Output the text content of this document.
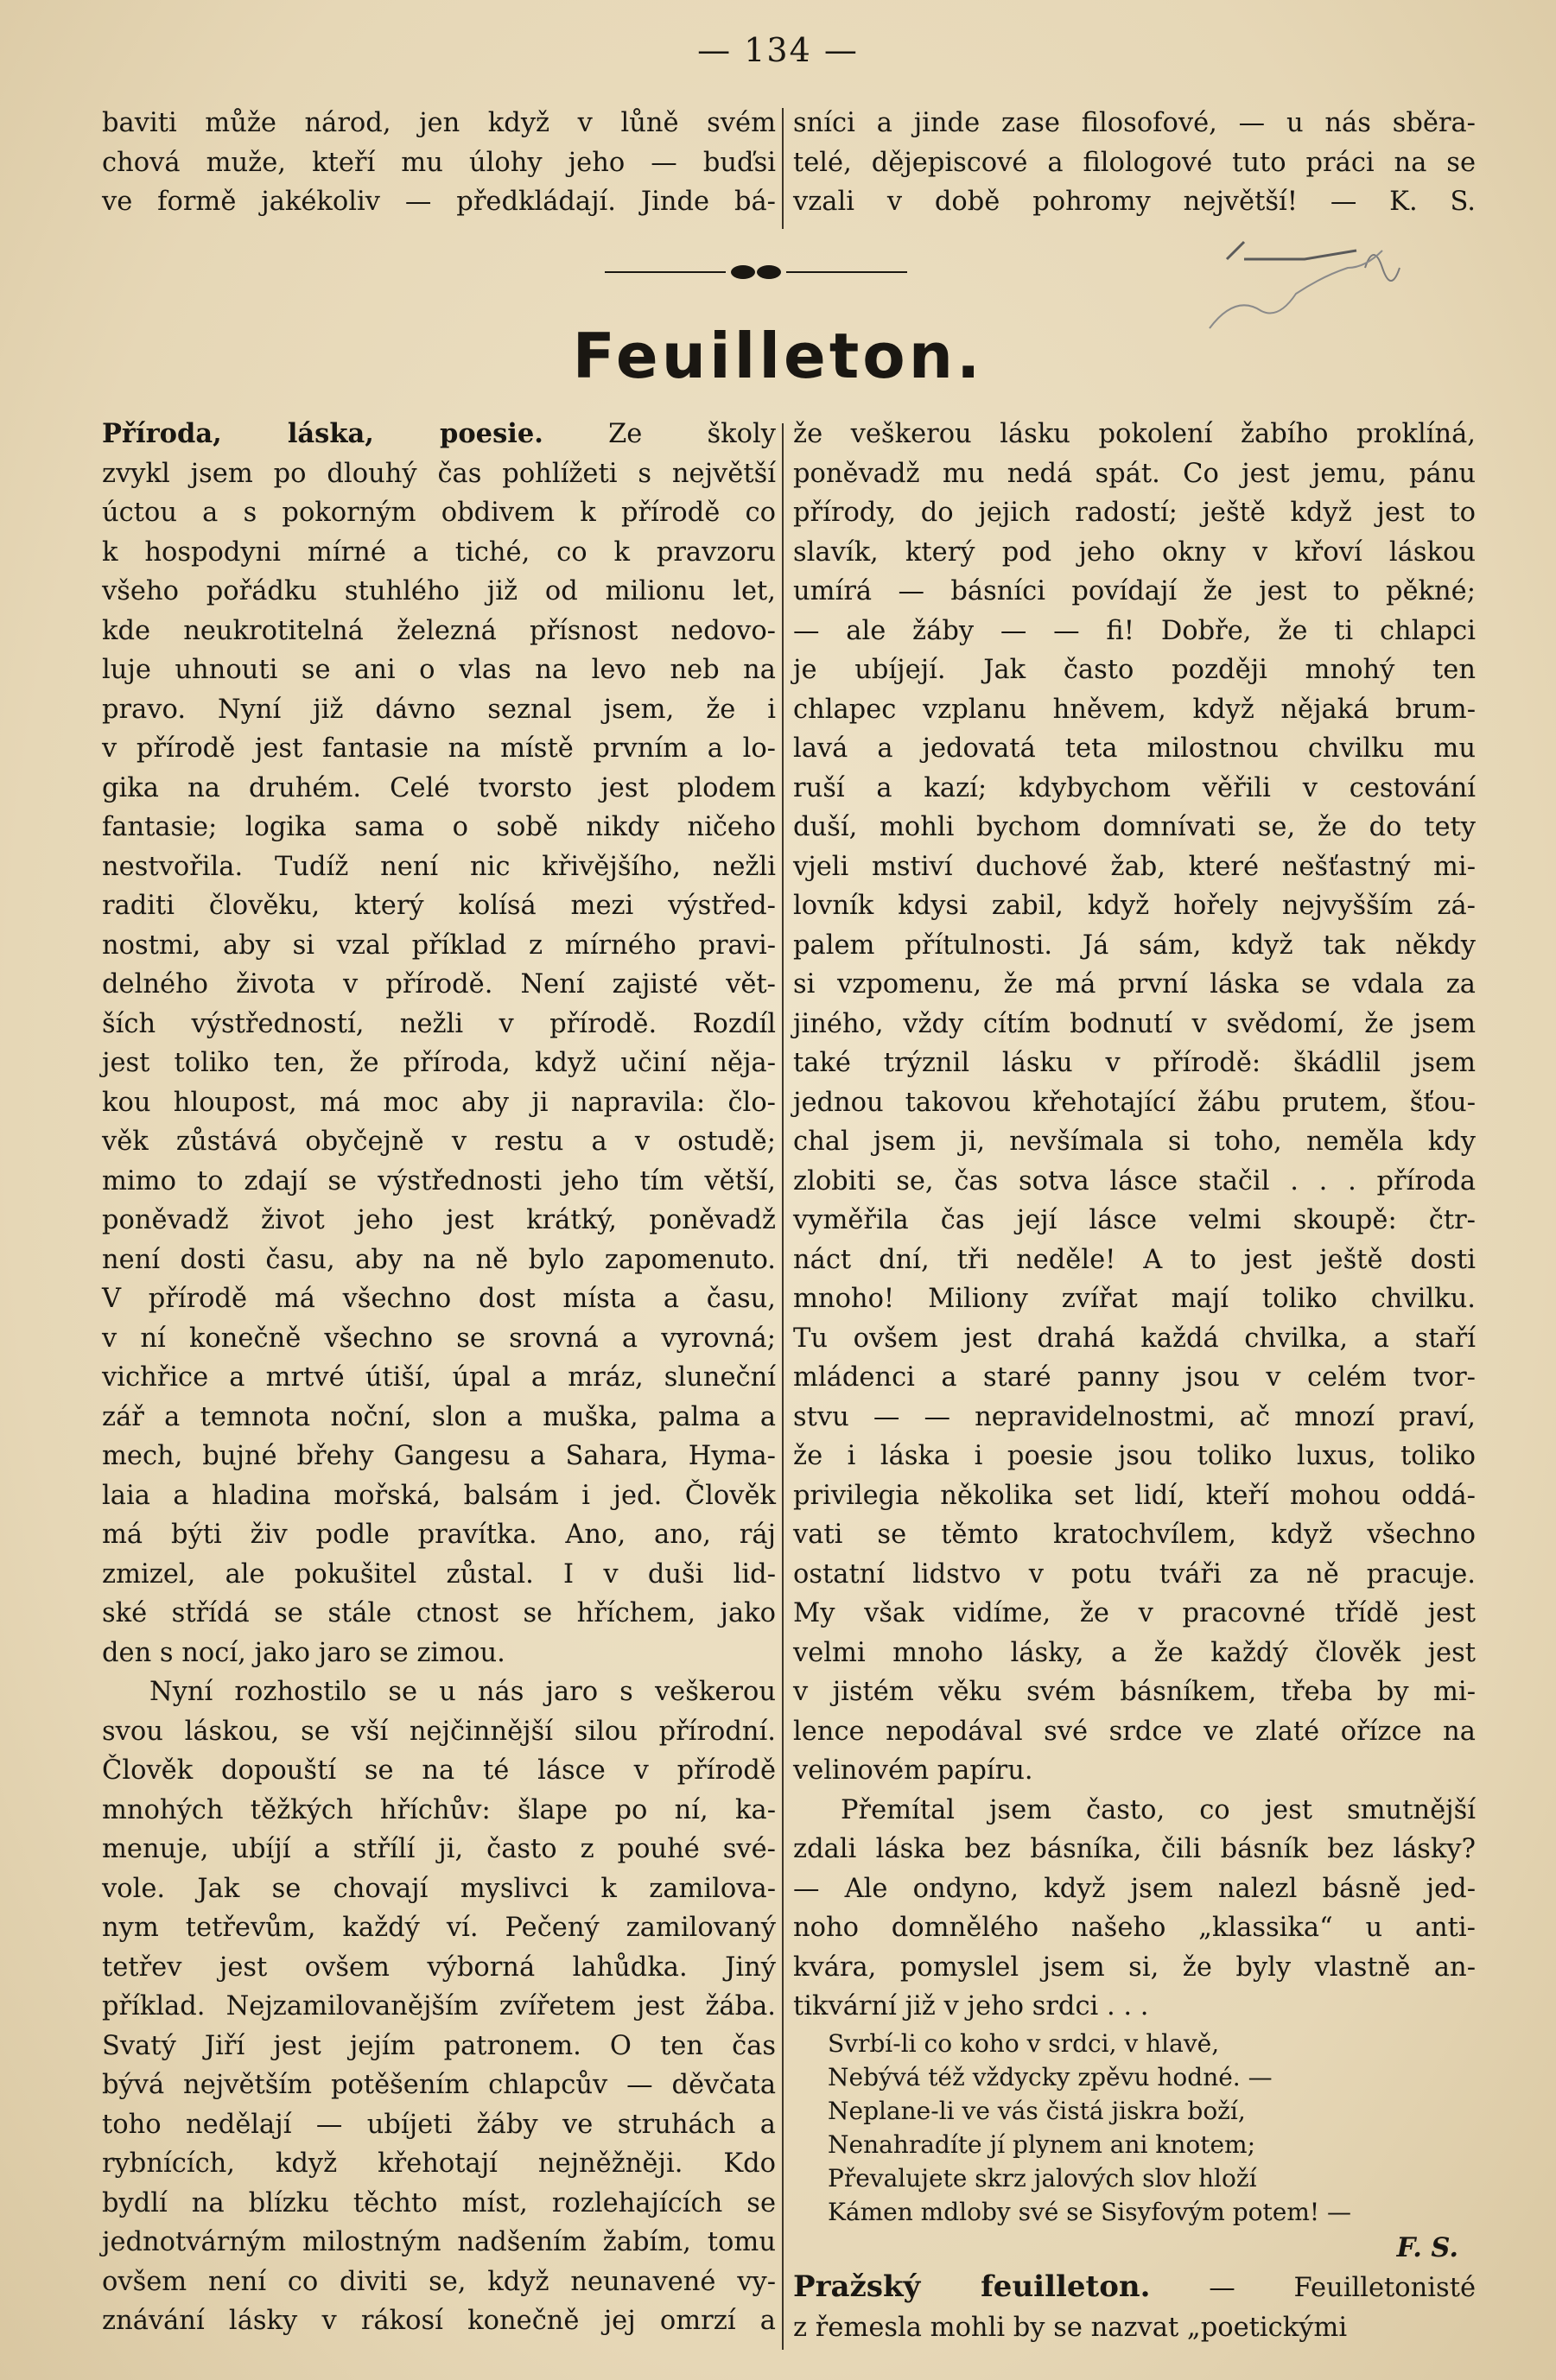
— 134 —
baviti může národ, jen když v lůně svém
chová muže, kteří mu úlohy jeho — buďsi
ve formě jakékoliv — předkládají. Jinde bá-
sníci a jinde zase filosofové, — u nás sběra-
telé, dějepiscové a filologové tuto práci na se
vzali v době pohromy největší! — K. S.
Feuilleton.
Příroda, láska, poesie. Ze školy
zvykl jsem po dlouhý čas pohlížeti s největší
úctou a s pokorným obdivem k přírodě co
k hospodyni mírné a tiché, co k pravzoru
všeho pořádku stuhlého již od milionu let,
kde neukrotitelná železná přísnost nedovo-
luje uhnouti se ani o vlas na levo neb na
pravo. Nyní již dávno seznal jsem, že i
v přírodě jest fantasie na místě prvním a lo-
gika na druhém. Celé tvorsto jest plodem
fantasie; logika sama o sobě nikdy ničeho
nestvořila. Tudíž není nic křivějšího, nežli
raditi člověku, který kolísá mezi výstřed-
nostmi, aby si vzal příklad z mírného pravi-
delného života v přírodě. Není zajisté vět-
ších výstředností, nežli v přírodě. Rozdíl
jest toliko ten, že příroda, když učiní něja-
kou hloupost, má moc aby ji napravila: člo-
věk zůstává obyčejně v restu a v ostudě;
mimo to zdají se výstřednosti jeho tím větší,
poněvadž život jeho jest krátký, poněvadž
není dosti času, aby na ně bylo zapomenuto.
V přírodě má všechno dost místa a času,
v ní konečně všechno se srovná a vyrovná;
vichřice a mrtvé útiší, úpal a mráz, sluneční
zář a temnota noční, slon a muška, palma a
mech, bujné břehy Gangesu a Sahara, Hyma-
laia a hladina mořská, balsám i jed. Člověk
má býti živ podle pravítka. Ano, ano, ráj
zmizel, ale pokušitel zůstal. I v duši lid-
ské střídá se stále ctnost se hříchem, jako
den s nocí, jako jaro se zimou.
Nyní rozhostilo se u nás jaro s veškerou
svou láskou, se vší nejčinnější silou přírodní.
Člověk dopouští se na té lásce v přírodě
mnohých těžkých hříchův: šlape po ní, ka-
menuje, ubíjí a střílí ji, často z pouhé své-
vole. Jak se chovají myslivci k zamilova-
nym tetřevům, každý ví. Pečený zamilovaný
tetřev jest ovšem výborná lahůdka. Jiný
příklad. Nejzamilovanějším zvířetem jest žába.
Svatý Jiří jest jejím patronem. O ten čas
bývá největším potěšením chlapcův — děvčata
toho nedělají — ubíjeti žáby ve struhách a
rybnících, když křehotají nejněžněji. Kdo
bydlí na blízku těchto míst, rozlehajících se
jednotvárným milostným nadšením žabím, tomu
ovšem není co diviti se, když neunavené vy-
znávání lásky v rákosí konečně jej omrzí a
že veškerou lásku pokolení žabího proklíná,
poněvadž mu nedá spát. Co jest jemu, pánu
přírody, do jejich radostí; ještě když jest to
slavík, který pod jeho okny v křoví láskou
umírá — básníci povídají že jest to pěkné;
— ale žáby — — fi! Dobře, že ti chlapci
je ubíjejí. Jak často později mnohý ten
chlapec vzplanu hněvem, když nějaká brum-
lavá a jedovatá teta milostnou chvilku mu
ruší a kazí; kdybychom věřili v cestování
duší, mohli bychom domnívati se, že do tety
vjeli mstiví duchové žab, které nešťastný mi-
lovník kdysi zabil, když hořely nejvyšším zá-
palem přítulnosti. Já sám, když tak někdy
si vzpomenu, že má první láska se vdala za
jiného, vždy cítím bodnutí v svědomí, že jsem
také trýznil lásku v přírodě: škádlil jsem
jednou takovou křehotající žábu prutem, šťou-
chal jsem ji, nevšímala si toho, neměla kdy
zlobiti se, čas sotva lásce stačil . . . příroda
vyměřila čas její lásce velmi skoupě: čtr-
náct dní, tři neděle! A to jest ještě dosti
mnoho! Miliony zvířat mají toliko chvilku.
Tu ovšem jest drahá každá chvilka, a staří
mládenci a staré panny jsou v celém tvor-
stvu — — nepravidelnostmi, ač mnozí praví,
že i láska i poesie jsou toliko luxus, toliko
privilegia několika set lidí, kteří mohou oddá-
vati se těmto kratochvílem, když všechno
ostatní lidstvo v potu tváři za ně pracuje.
My však vidíme, že v pracovné třídě jest
velmi mnoho lásky, a že každý člověk jest
v jistém věku svém básníkem, třeba by mi-
lence nepodával své srdce ve zlaté ořízce na
velinovém papíru.
Přemítal jsem často, co jest smutnější
zdali láska bez básníka, čili básník bez lásky?
— Ale ondyno, když jsem nalezl básně jed-
noho domnělého našeho „klassika“ u anti-
kvára, pomyslel jsem si, že byly vlastně an-
tikvární již v jeho srdci . . .
Svrbí-li co koho v srdci, v hlavě,
Nebývá též vždycky zpěvu hodné. —
Neplane-li ve vás čistá jiskra boží,
Nenahradíte jí plynem ani knotem;
Převalujete skrz jalových slov hloží
Kámen mdloby své se Sisyfovým potem! —
F. S.
Pražský feuilleton. — Feuilletonisté
z řemesla mohli by se nazvat „poetickými
